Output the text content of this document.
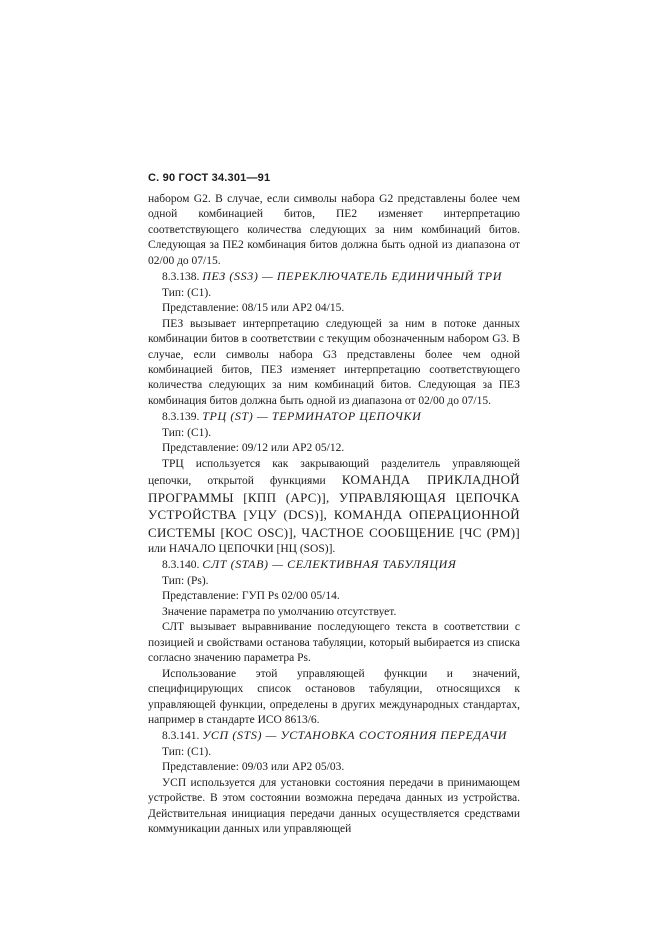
С. 90 ГОСТ 34.301—91

набором G2. В случае, если символы набора G2 представлены более чем одной комбинацией битов, ПЕ2 изменяет интерпретацию соответствующего количества следующих за ним комбинаций битов. Следующая за ПЕ2 комбинация битов должна быть одной из диапазона от 02/00 до 07/15.

8.3.138. ПЕЗ (SS3) — ПЕРЕКЛЮЧАТЕЛЬ ЕДИНИЧНЫЙ ТРИ

Тип: (С1).

Представление: 08/15 или АР2 04/15.

ПЕЗ вызывает интерпретацию следующей за ним в потоке данных комбинации битов в соответствии с текущим обозначенным набором G3. В случае, если символы набора G3 представлены более чем одной комбинацией битов, ПЕЗ изменяет интерпретацию соответствующего количества следующих за ним комбинаций битов. Следующая за ПЕЗ комбинация битов должна быть одной из диапазона от 02/00 до 07/15.

8.3.139. ТРЦ (ST) — ТЕРМИНАТОР ЦЕПОЧКИ

Тип: (С1).

Представление: 09/12 или АР2 05/12.

ТРЦ используется как закрывающий разделитель управляющей цепочки, открытой функциями КОМАНДА ПРИКЛАДНОЙ ПРОГРАММЫ [КПП (АРС)], УПРАВЛЯЮЩАЯ ЦЕПОЧКА УСТРОЙСТВА [УЦУ (DCS)], КОМАНДА ОПЕРАЦИОННОЙ СИСТЕМЫ [КОС OSC)], ЧАСТНОЕ СООБЩЕНИЕ [ЧС (PM)] или НАЧАЛО ЦЕПОЧКИ [НЦ (SOS)].

8.3.140. СЛТ (STAB) — СЕЛЕКТИВНАЯ ТАБУЛЯЦИЯ

Тип: (Ps).

Представление: ГУП Ps 02/00 05/14.

Значение параметра по умолчанию отсутствует.

СЛТ вызывает выравнивание последующего текста в соответствии с позицией и свойствами останова табуляции, который выбирается из списка согласно значению параметра Ps.

Использование этой управляющей функции и значений, специфицирующих список остановов табуляции, относящихся к управляющей функции, определены в других международных стандартах, например в стандарте ИСО 8613/6.

8.3.141. УСП (STS) — УСТАНОВКА СОСТОЯНИЯ ПЕРЕДАЧИ

Тип: (С1).

Представление: 09/03 или АР2 05/03.

УСП используется для установки состояния передачи в принимающем устройстве. В этом состоянии возможна передача данных из устройства. Действительная инициация передачи данных осуществляется средствами коммуникации данных или управляющей
